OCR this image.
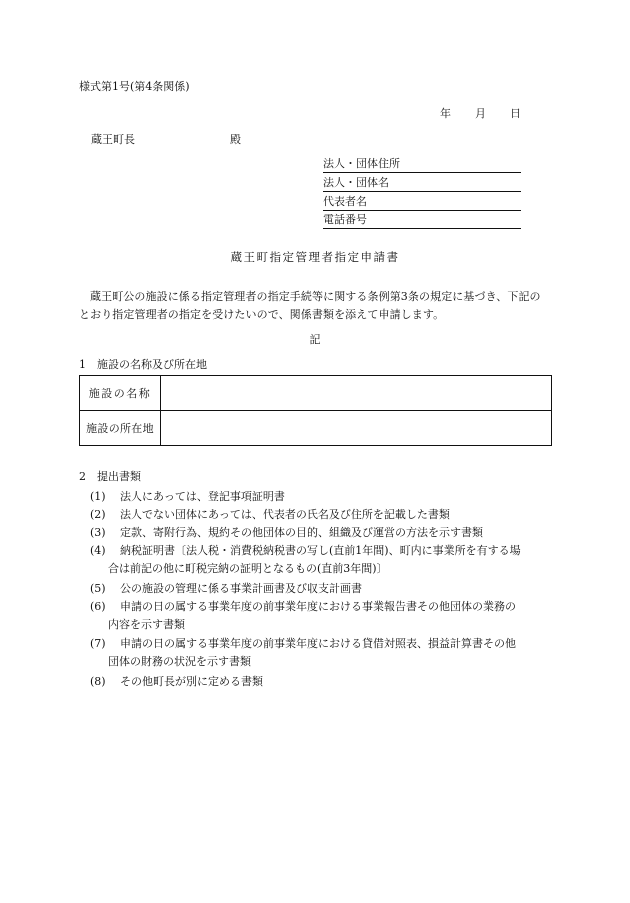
様式第1号(第4条関係)
年 月 日
蔵王町長	殿
法人・団体住所
法人・団体名
代表者名
電話番号
蔵王町指定管理者指定申請書
蔵王町公の施設に係る指定管理者の指定手続等に関する条例第3条の規定に基づき、下記のとおり指定管理者の指定を受けたいので、関係書類を添えて申請します。
記
1　施設の名称及び所在地
施設の名称	
施設の所在地	
2　提出書類
(1) 法人にあっては、登記事項証明書
(2) 法人でない団体にあっては、代表者の氏名及び住所を記載した書類
(3) 定款、寄附行為、規約その他団体の目的、組織及び運営の方法を示す書類
(4) 納税証明書〔法人税・消費税納税書の写し(直前1年間)、町内に事業所を有する場
合は前記の他に町税完納の証明となるもの(直前3年間)〕
(5) 公の施設の管理に係る事業計画書及び収支計画書
(6) 申請の日の属する事業年度の前事業年度における事業報告書その他団体の業務の
内容を示す書類
(7) 申請の日の属する事業年度の前事業年度における貸借対照表、損益計算書その他
団体の財務の状況を示す書類
(8) その他町長が別に定める書類
